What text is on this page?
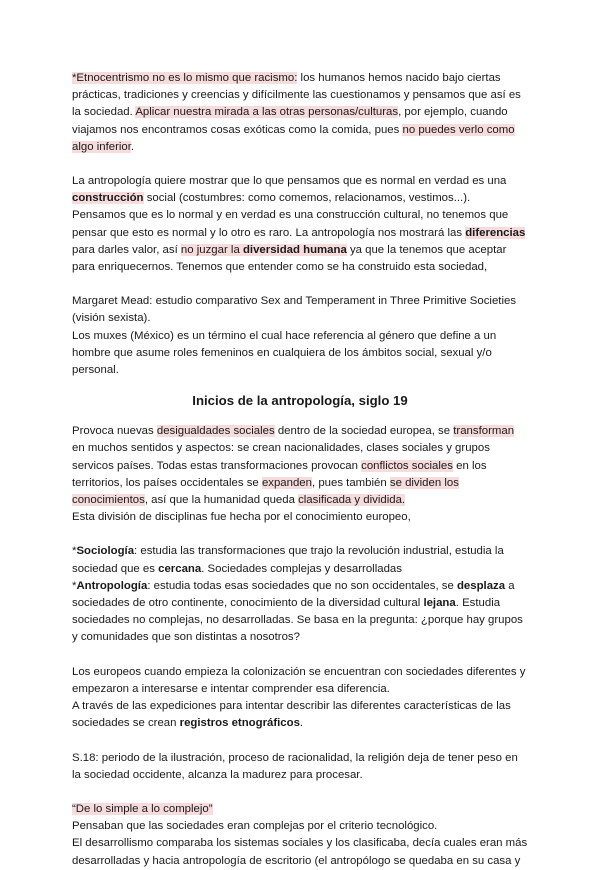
*Etnocentrismo no es lo mismo que racismo: los humanos hemos nacido bajo ciertas prácticas, tradiciones y creencias y difícilmente las cuestionamos y pensamos que así es la sociedad. Aplicar nuestra mirada a las otras personas/culturas, por ejemplo, cuando viajamos nos encontramos cosas exóticas como la comida, pues no puedes verlo como algo inferior.

La antropología quiere mostrar que lo que pensamos que es normal en verdad es una construcción social (costumbres: como comemos, relacionamos, vestimos...).

Pensamos que es lo normal y en verdad es una construcción cultural, no tenemos que pensar que esto es normal y lo otro es raro. La antropología nos mostrará las diferencias para darles valor, así no juzgar la diversidad humana ya que la tenemos que aceptar para enriquecernos. Tenemos que entender como se ha construido esta sociedad,

Margaret Mead: estudio comparativo Sex and Temperament in Three Primitive Societies (visión sexista).

Los muxes (México) es un término el cual hace referencia al género que define a un hombre que asume roles femeninos en cualquiera de los ámbitos social, sexual y/o personal.

Inicios de la antropología, siglo 19

Provoca nuevas desigualdades sociales dentro de la sociedad europea, se transforman en muchos sentidos y aspectos: se crean nacionalidades, clases sociales y grupos servicos países. Todas estas transformaciones provocan conflictos sociales en los territorios, los países occidentales se expanden, pues también se dividen los conocimientos, así que la humanidad queda clasificada y dividida.

Esta división de disciplinas fue hecha por el conocimiento europeo,

*Sociología: estudia las transformaciones que trajo la revolución industrial, estudia la sociedad que es cercana. Sociedades complejas y desarrolladas

*Antropología: estudia todas esas sociedades que no son occidentales, se desplaza a sociedades de otro continente, conocimiento de la diversidad cultural lejana. Estudia sociedades no complejas, no desarrolladas. Se basa en la pregunta: ¿porque hay grupos y comunidades que son distintas a nosotros?

Los europeos cuando empieza la colonización se encuentran con sociedades diferentes y empezaron a interesarse e intentar comprender esa diferencia.

A través de las expediciones para intentar describir las diferentes características de las sociedades se crean registros etnográficos.

S.18: periodo de la ilustración, proceso de racionalidad, la religión deja de tener peso en la sociedad occidente, alcanza la madurez para procesar.

“De lo simple a lo complejo”

Pensaban que las sociedades eran complejas por el criterio tecnológico.

El desarrollismo comparaba los sistemas sociales y los clasificaba, decía cuales eran más desarrolladas y hacia antropología de escritorio (el antropólogo se quedaba en su casa y
